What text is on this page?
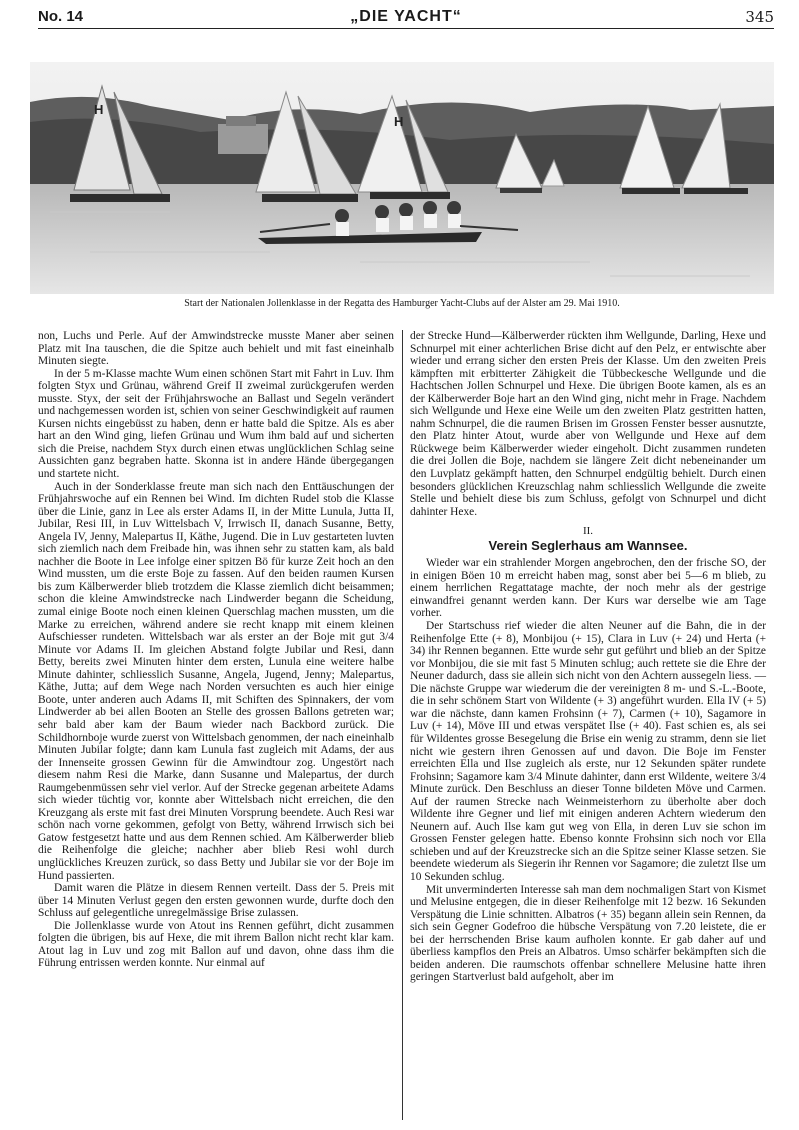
No. 14	„DIE YACHT“	345
H
H
Start der Nationalen Jollenklasse in der Regatta des Hamburger Yacht-Clubs auf der Alster am 29. Mai 1910.

non, Luchs und Perle. Auf der Amwindstrecke musste Maner aber seinen Platz mit Ina tauschen, die die Spitze auch behielt und mit fast eineinhalb Minuten siegte.

In der 5 m-Klasse machte Wum einen schönen Start mit Fahrt in Luv. Ihm folgten Styx und Grünau, während Greif II zweimal zurückgerufen werden musste. Styx, der seit der Frühjahrswoche an Ballast und Segeln verändert und nachgemessen worden ist, schien von seiner Geschwindigkeit auf raumen Kursen nichts eingebüsst zu haben, denn er hatte bald die Spitze. Als es aber hart an den Wind ging, liefen Grünau und Wum ihm bald auf und sicherten sich die Preise, nachdem Styx durch einen etwas unglücklichen Schlag seine Aussichten ganz begraben hatte. Skonna ist in andere Hände übergegangen und startete nicht.

Auch in der Sonderklasse freute man sich nach den Enttäuschungen der Frühjahrswoche auf ein Rennen bei Wind. Im dichten Rudel stob die Klasse über die Linie, ganz in Lee als erster Adams II, in der Mitte Lunula, Jutta II, Jubilar, Resi III, in Luv Wittelsbach V, Irrwisch II, danach Susanne, Betty, Angela IV, Jenny, Malepartus II, Käthe, Jugend. Die in Luv gestarteten luvten sich ziemlich nach dem Freibade hin, was ihnen sehr zu statten kam, als bald nachher die Boote in Lee infolge einer spitzen Bö für kurze Zeit hoch an den Wind mussten, um die erste Boje zu fassen. Auf den beiden raumen Kursen bis zum Kälberwerder blieb trotzdem die Klasse ziemlich dicht beisammen; schon die kleine Amwindstrecke nach Lindwerder begann die Scheidung, zumal einige Boote noch einen kleinen Querschlag machen mussten, um die Marke zu erreichen, während andere sie recht knapp mit einem kleinen Aufschiesser rundeten. Wittelsbach war als erster an der Boje mit gut 3/4 Minute vor Adams II. Im gleichen Abstand folgte Jubilar und Resi, dann Betty, bereits zwei Minuten hinter dem ersten, Lunula eine weitere halbe Minute dahinter, schliesslich Susanne, Angela, Jugend, Jenny; Malepartus, Käthe, Jutta; auf dem Wege nach Norden versuchten es auch hier einige Boote, unter anderen auch Adams II, mit Schiften des Spinnakers, der vom Lindwerder ab bei allen Booten an Stelle des grossen Ballons getreten war; sehr bald aber kam der Baum wieder nach Backbord zurück. Die Schildhornboje wurde zuerst von Wittelsbach genommen, der nach eineinhalb Minuten Jubilar folgte; dann kam Lunula fast zugleich mit Adams, der aus der Innenseite grossen Gewinn für die Amwindtour zog. Ungestört nach diesem nahm Resi die Marke, dann Susanne und Malepartus, der durch Raumgebenmüssen sehr viel verlor. Auf der Strecke gegenan arbeitete Adams sich wieder tüchtig vor, konnte aber Wittelsbach nicht erreichen, die den Kreuzgang als erste mit fast drei Minuten Vorsprung beendete. Auch Resi war schön nach vorne gekommen, gefolgt von Betty, während Irrwisch sich bei Gatow festgesetzt hatte und aus dem Rennen schied. Am Kälberwerder blieb die Reihenfolge die gleiche; nachher aber blieb Resi wohl durch unglückliches Kreuzen zurück, so dass Betty und Jubilar sie vor der Boje im Hund passierten.

Damit waren die Plätze in diesem Rennen verteilt. Dass der 5. Preis mit über 14 Minuten Verlust gegen den ersten gewonnen wurde, durfte doch den Schluss auf gelegentliche unregelmässige Brise zulassen.

Die Jollenklasse wurde von Atout ins Rennen geführt, dicht zusammen folgten die übrigen, bis auf Hexe, die mit ihrem Ballon nicht recht klar kam. Atout lag in Luv und zog mit Ballon auf und davon, ohne dass ihm die Führung entrissen werden konnte. Nur einmal auf

der Strecke Hund—Kälberwerder rückten ihm Wellgunde, Darling, Hexe und Schnurpel mit einer achterlichen Brise dicht auf den Pelz, er entwischte aber wieder und errang sicher den ersten Preis der Klasse. Um den zweiten Preis kämpften mit erbitterter Zähigkeit die Tübbeckesche Wellgunde und die Hachtschen Jollen Schnurpel und Hexe. Die übrigen Boote kamen, als es an der Kälberwerder Boje hart an den Wind ging, nicht mehr in Frage. Nachdem sich Wellgunde und Hexe eine Weile um den zweiten Platz gestritten hatten, nahm Schnurpel, die die raumen Brisen im Grossen Fenster besser ausnutzte, den Platz hinter Atout, wurde aber von Wellgunde und Hexe auf dem Rückwege beim Kälberwerder wieder eingeholt. Dicht zusammen rundeten die drei Jollen die Boje, nachdem sie längere Zeit dicht nebeneinander um den Luvplatz gekämpft hatten, den Schnurpel endgültig behielt. Durch einen besonders glücklichen Kreuzschlag nahm schliesslich Wellgunde die zweite Stelle und behielt diese bis zum Schluss, gefolgt von Schnurpel und dicht dahinter Hexe.

II.
Verein Seglerhaus am Wannsee.

Wieder war ein strahlender Morgen angebrochen, den der frische SO, der in einigen Böen 10 m erreicht haben mag, sonst aber bei 5—6 m blieb, zu einem herrlichen Regattatage machte, der noch mehr als der gestrige einwandfrei genannt werden kann. Der Kurs war derselbe wie am Tage vorher.

Der Startschuss rief wieder die alten Neuner auf die Bahn, die in der Reihenfolge Ette (+ 8), Monbijou (+ 15), Clara in Luv (+ 24) und Herta (+ 34) ihr Rennen begannen. Ette wurde sehr gut geführt und blieb an der Spitze vor Monbijou, die sie mit fast 5 Minuten schlug; auch rettete sie die Ehre der Neuner dadurch, dass sie allein sich nicht von den Achtern aussegeln liess. — Die nächste Gruppe war wiederum die der vereinigten 8 m- und S.-L.-Boote, die in sehr schönem Start von Wildente (+ 3) angeführt wurden. Ella IV (+ 5) war die nächste, dann kamen Frohsinn (+ 7), Carmen (+ 10), Sagamore in Luv (+ 14), Möve III und etwas verspätet Ilse (+ 40). Fast schien es, als sei für Wildentes grosse Besegelung die Brise ein wenig zu stramm, denn sie liet nicht wie gestern ihren Genossen auf und davon. Die Boje im Fenster erreichten Ella und Ilse zugleich als erste, nur 12 Sekunden später rundete Frohsinn; Sagamore kam 3/4 Minute dahinter, dann erst Wildente, weitere 3/4 Minute zurück. Den Beschluss an dieser Tonne bildeten Möve und Carmen. Auf der raumen Strecke nach Weinmeisterhorn zu überholte aber doch Wildente ihre Gegner und lief mit einigen anderen Achtern wiederum den Neunern auf. Auch Ilse kam gut weg von Ella, in deren Luv sie schon im Grossen Fenster gelegen hatte. Ebenso konnte Frohsinn sich noch vor Ella schieben und auf der Kreuzstrecke sich an die Spitze seiner Klasse setzen. Sie beendete wiederum als Siegerin ihr Rennen vor Sagamore; die zuletzt Ilse um 10 Sekunden schlug.

Mit unverminderten Interesse sah man dem nochmaligen Start von Kismet und Melusine entgegen, die in dieser Reihenfolge mit 12 bezw. 16 Sekunden Verspätung die Linie schnitten. Albatros (+ 35) begann allein sein Rennen, da sich sein Gegner Godefroo die hübsche Verspätung von 7.20 leistete, die er bei der herrschenden Brise kaum aufholen konnte. Er gab daher auf und überliess kampflos den Preis an Albatros. Umso schärfer bekämpften sich die beiden anderen. Die raumschots offenbar schnellere Melusine hatte ihren geringen Startverlust bald aufgeholt, aber im
